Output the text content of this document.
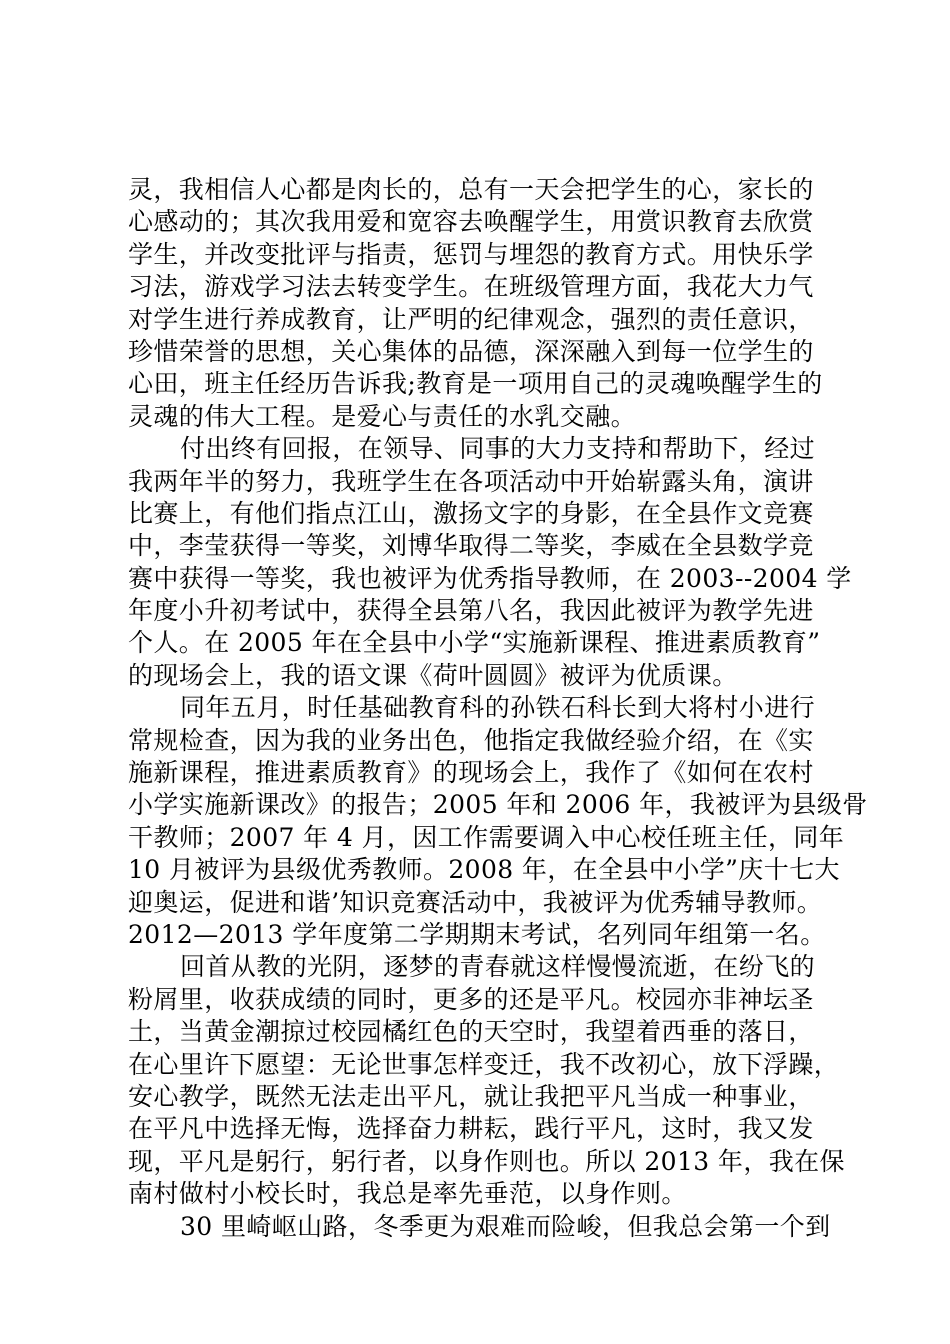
灵，我相信人心都是肉长的，总有一天会把学生的心，家长的
心感动的；其次我用爱和宽容去唤醒学生，用赏识教育去欣赏
学生，并改变批评与指责，惩罚与埋怨的教育方式。用快乐学
习法，游戏学习法去转变学生。在班级管理方面，我花大力气
对学生进行养成教育，让严明的纪律观念，强烈的责任意识，
珍惜荣誉的思想，关心集体的品德，深深融入到每一位学生的
心田，班主任经历告诉我;教育是一项用自己的灵魂唤醒学生的
灵魂的伟大工程。是爱心与责任的水乳交融。
付出终有回报，在领导、同事的大力支持和帮助下，经过
我两年半的努力，我班学生在各项活动中开始崭露头角，演讲
比赛上，有他们指点江山，激扬文字的身影，在全县作文竞赛
中，李莹获得一等奖，刘博华取得二等奖，李威在全县数学竞
赛中获得一等奖，我也被评为优秀指导教师，在 2003--2004 学
年度小升初考试中，获得全县第八名，我因此被评为教学先进
个人。在 2005 年在全县中小学“实施新课程、推进素质教育”
的现场会上，我的语文课《荷叶圆圆》被评为优质课。
同年五月，时任基础教育科的孙铁石科长到大将村小进行
常规检查，因为我的业务出色，他指定我做经验介绍，在《实
施新课程，推进素质教育》的现场会上，我作了《如何在农村
小学实施新课改》的报告；2005 年和 2006 年，我被评为县级骨
干教师；2007 年 4 月，因工作需要调入中心校任班主任，同年
10 月被评为县级优秀教师。2008 年，在全县中小学”庆十七大
迎奥运，促进和谐’知识竞赛活动中，我被评为优秀辅导教师。
2012—2013 学年度第二学期期末考试，名列同年组第一名。
回首从教的光阴，逐梦的青春就这样慢慢流逝，在纷飞的
粉屑里，收获成绩的同时，更多的还是平凡。校园亦非神坛圣
土，当黄金潮掠过校园橘红色的天空时，我望着西垂的落日，
在心里许下愿望：无论世事怎样变迁，我不改初心，放下浮躁，
安心教学，既然无法走出平凡，就让我把平凡当成一种事业，
在平凡中选择无悔，选择奋力耕耘，践行平凡，这时，我又发
现，平凡是躬行，躬行者，以身作则也。所以 2013 年，我在保
南村做村小校长时，我总是率先垂范，以身作则。
30 里崎岖山路，冬季更为艰难而险峻，但我总会第一个到
